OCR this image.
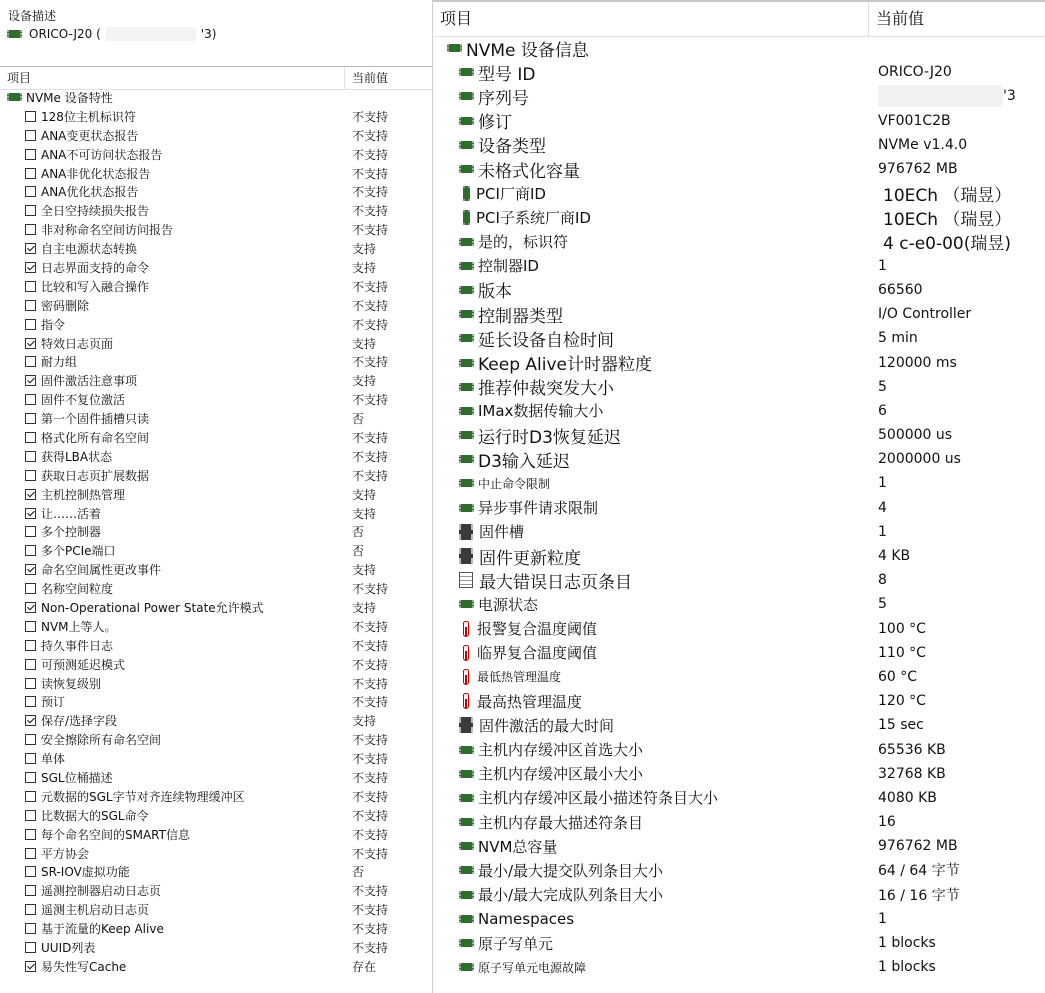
设备描述
ORICO-J20 (	'3)
项目	当前值
NVMe 设备特性
128位主机标识符	不支持
ANA变更状态报告	不支持
ANA不可访问状态报告	不支持
ANA非优化状态报告	不支持
ANA优化状态报告	不支持
全日空持续损失报告	不支持
非对称命名空间访问报告	不支持
自主电源状态转换	支持
日志界面支持的命令	支持
比较和写入融合操作	不支持
密码删除	不支持
指令	不支持
特效日志页面	支持
耐力组	不支持
固件激活注意事项	支持
固件不复位激活	不支持
第一个固件插槽只读	否
格式化所有命名空间	不支持
获得LBA状态	不支持
获取日志页扩展数据	不支持
主机控制热管理	支持
让……活着	支持
多个控制器	否
多个PCIe端口	否
命名空间属性更改事件	支持
名称空间粒度	不支持
Non-Operational Power State允许模式	支持
NVM上等人。	不支持
持久事件日志	不支持
可预测延迟模式	不支持
读恢复级别	不支持
预订	不支持
保存/选择字段	支持
安全擦除所有命名空间	不支持
单体	不支持
SGL位桶描述	不支持
元数据的SGL字节对齐连续物理缓冲区	不支持
比数据大的SGL命令	不支持
每个命名空间的SMART信息	不支持
平方协会	不支持
SR-IOV虚拟功能	否
遥测控制器启动日志页	不支持
遥测主机启动日志页	不支持
基于流量的Keep Alive	不支持
UUID列表	不支持
易失性写Cache	存在
项目	当前值
NVMe 设备信息
型号 ID	ORICO-J20
序列号	'3
修订	VF001C2B
设备类型	NVMe v1.4.0
未格式化容量	976762 MB
PCI厂商ID	10ECh （瑞昱）
PCI子系统厂商ID	10ECh （瑞昱）
是的，标识符	4 c-e0-00(瑞昱)
控制器ID	1
版本	66560
控制器类型	I/O Controller
延长设备自检时间	5 min
Keep Alive计时器粒度	120000 ms
推荐仲裁突发大小	5
IMax数据传输大小	6
运行时D3恢复延迟	500000 us
D3输入延迟	2000000 us
中止命令限制	1
异步事件请求限制	4
固件槽	1
固件更新粒度	4 KB
最大错误日志页条目	8
电源状态	5
报警复合温度阈值	100 °C
临界复合温度阈值	110 °C
最低热管理温度	60 °C
最高热管理温度	120 °C
固件激活的最大时间	15 sec
主机内存缓冲区首选大小	65536 KB
主机内存缓冲区最小大小	32768 KB
主机内存缓冲区最小描述符条目大小	4080 KB
主机内存最大描述符条目	16
NVM总容量	976762 MB
最小/最大提交队列条目大小	64 / 64 字节
最小/最大完成队列条目大小	16 / 16 字节
Namespaces	1
原子写单元	1 blocks
原子写单元电源故障	1 blocks
